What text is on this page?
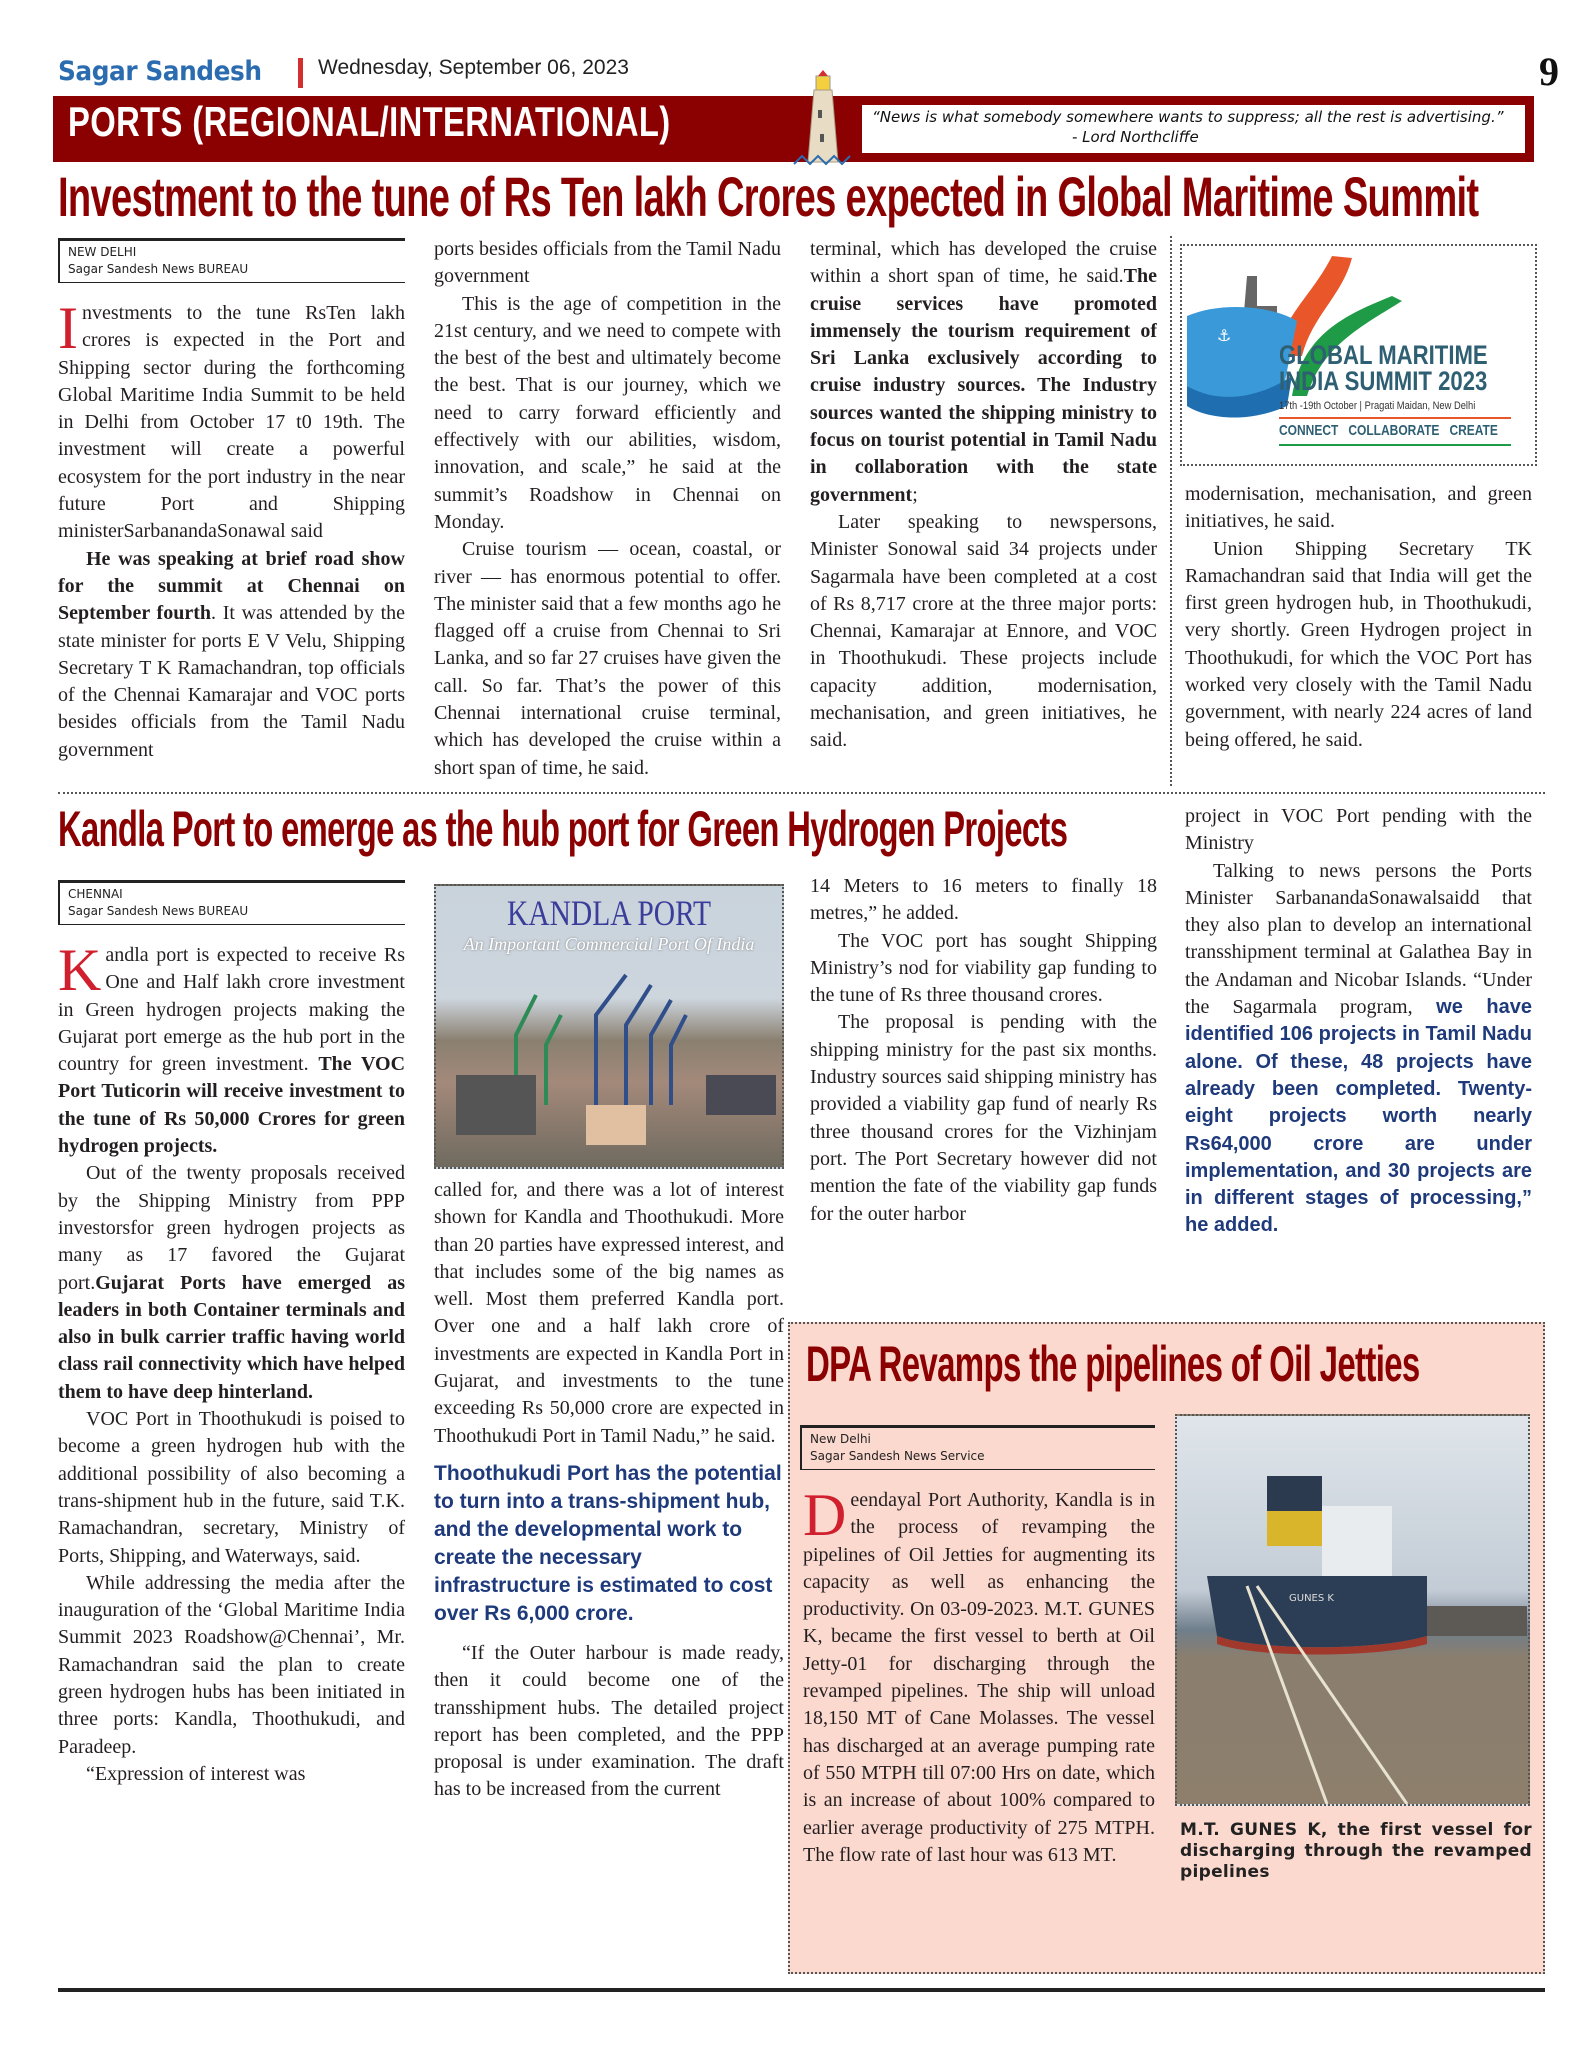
Sagar Sandesh	Wednesday, September 06, 2023	9
PORTS (REGIONAL/INTERNATIONAL)	“News is what somebody somewhere wants to suppress; all the rest is advertising.”
- Lord Northcliffe
Investment to the tune of Rs Ten lakh Crores expected in Global Maritime Summit
NEW DELHI
Sagar Sandesh News BUREAU

Investments to the tune RsTen lakh crores is expected in the Port and Shipping sector during the forthcoming Global Maritime India Summit to be held in Delhi from October 17 t0 19th. The investment will create a powerful ecosystem for the port industry in the near future Port and Shipping ministerSarbanandaSonawal said

He was speaking at brief road show for the summit at Chennai on September fourth. It was attended by the state minister for ports E V Velu, Shipping Secretary T K Ramachandran, top officials of the Chennai Kamarajar and VOC ports besides officials from the Tamil Nadu government

ports besides officials from the Tamil Nadu government

This is the age of competition in the 21st century, and we need to compete with the best of the best and ultimately become the best. That is our journey, which we need to carry forward efficiently and effectively with our abilities, wisdom, innovation, and scale,” he said at the summit’s Roadshow in Chennai on Monday.

Cruise tourism — ocean, coastal, or river — has enormous potential to offer. The minister said that a few months ago he flagged off a cruise from Chennai to Sri Lanka, and so far 27 cruises have given the call. So far. That’s the power of this Chennai international cruise terminal, which has developed the cruise within a short span of time, he said.

terminal, which has developed the cruise within a short span of time, he said.The cruise services have promoted immensely the tourism requirement of Sri Lanka exclusively according to cruise industry sources. The Industry sources wanted the shipping ministry to focus on tourist potential in Tamil Nadu in collaboration with the state government;

Later speaking to newspersons, Minister Sonowal said 34 projects under Sagarmala have been completed at a cost of Rs 8,717 crore at the three major ports: Chennai, Kamarajar at Ennore, and VOC in Thoothukudi. These projects include capacity addition, modernisation, mechanisation, and green initiatives, he said.

⚓
GLOBAL MARITIME
INDIA SUMMIT 2023
17th -19th October | Pragati Maidan, New Delhi
CONNECT   COLLABORATE   CREATE

modernisation, mechanisation, and green initiatives, he said.

Union Shipping Secretary TK Ramachandran said that India will get the first green hydrogen hub, in Thoothukudi, very shortly. Green Hydrogen project in Thoothukudi, for which the VOC Port has worked very closely with the Tamil Nadu government, with nearly 224 acres of land being offered, he said.

Kandla Port to emerge as the hub port for Green Hydrogen Projects
CHENNAI
Sagar Sandesh News BUREAU

Kandla port is expected to receive Rs One and Half lakh crore investment in Green hydrogen projects making the Gujarat port emerge as the hub port in the country for green investment. The VOC Port Tuticorin will receive investment to the tune of Rs 50,000 Crores for green hydrogen projects.

Out of the twenty proposals received by the Shipping Ministry from PPP investorsfor green hydrogen projects as many as 17 favored the Gujarat port.Gujarat Ports have emerged as leaders in both Container terminals and also in bulk carrier traffic having world class rail connectivity which have helped them to have deep hinterland.

VOC Port in Thoothukudi is poised to become a green hydrogen hub with the additional possibility of also becoming a trans-shipment hub in the future, said T.K. Ramachandran, secretary, Ministry of Ports, Shipping, and Waterways, said.

While addressing the media after the inauguration of the ‘Global Maritime India Summit 2023 Roadshow@Chennai’, Mr. Ramachandran said the plan to create green hydrogen hubs has been initiated in three ports: Kandla, Thoothukudi, and Paradeep.

“Expression of interest was

KANDLA PORT
An Important Commercial Port Of India

called for, and there was a lot of interest shown for Kandla and Thoothukudi. More than 20 parties have expressed interest, and that includes some of the big names as well. Most them preferred Kandla port. Over one and a half lakh crore of investments are expected in Kandla Port in Gujarat, and investments to the tune exceeding Rs 50,000 crore are expected in Thoothukudi Port in Tamil Nadu,” he said.

Thoothukudi Port has the potential to turn into a trans-shipment hub, and the developmental work to create the necessary infrastructure is estimated to cost over Rs 6,000 crore.

“If the Outer harbour is made ready, then it could become one of the transshipment hubs. The detailed project report has been completed, and the PPP proposal is under examination. The draft has to be increased from the current

14 Meters to 16 meters to finally 18 metres,” he added.

The VOC port has sought Shipping Ministry’s nod for viability gap funding to the tune of Rs three thousand crores.

The proposal is pending with the shipping ministry for the past six months. Industry sources said shipping ministry has provided a viability gap fund of nearly Rs three thousand crores for the Vizhinjam port. The Port Secretary however did not mention the fate of the viability gap funds for the outer harbor

project in VOC Port pending with the Ministry

Talking to news persons the Ports Minister SarbanandaSonawalsaidd that they also plan to develop an international transshipment terminal at Galathea Bay in the Andaman and Nicobar Islands. “Under the Sagarmala program, we have identified 106 projects in Tamil Nadu alone. Of these, 48 projects have already been completed. Twenty-eight projects worth nearly Rs64,000 crore are under implementation, and 30 projects are in different stages of processing,” he added.

DPA Revamps the pipelines of Oil Jetties
New Delhi
Sagar Sandesh News Service

Deendayal Port Authority, Kandla is in the process of revamping the pipelines of Oil Jetties for augmenting its capacity as well as enhancing the productivity. On 03-09-2023. M.T. GUNES K, became the first vessel to berth at Oil Jetty-01 for discharging through the revamped pipelines. The ship will unload 18,150 MT of Cane Molasses. The vessel has discharged at an average pumping rate of 550 MTPH till 07:00 Hrs on date, which is an increase of about 100% compared to earlier average productivity of 275 MTPH. The flow rate of last hour was 613 MT.

GUNES K
M.T. GUNES K, the first vessel for discharging through the revamped pipelines
